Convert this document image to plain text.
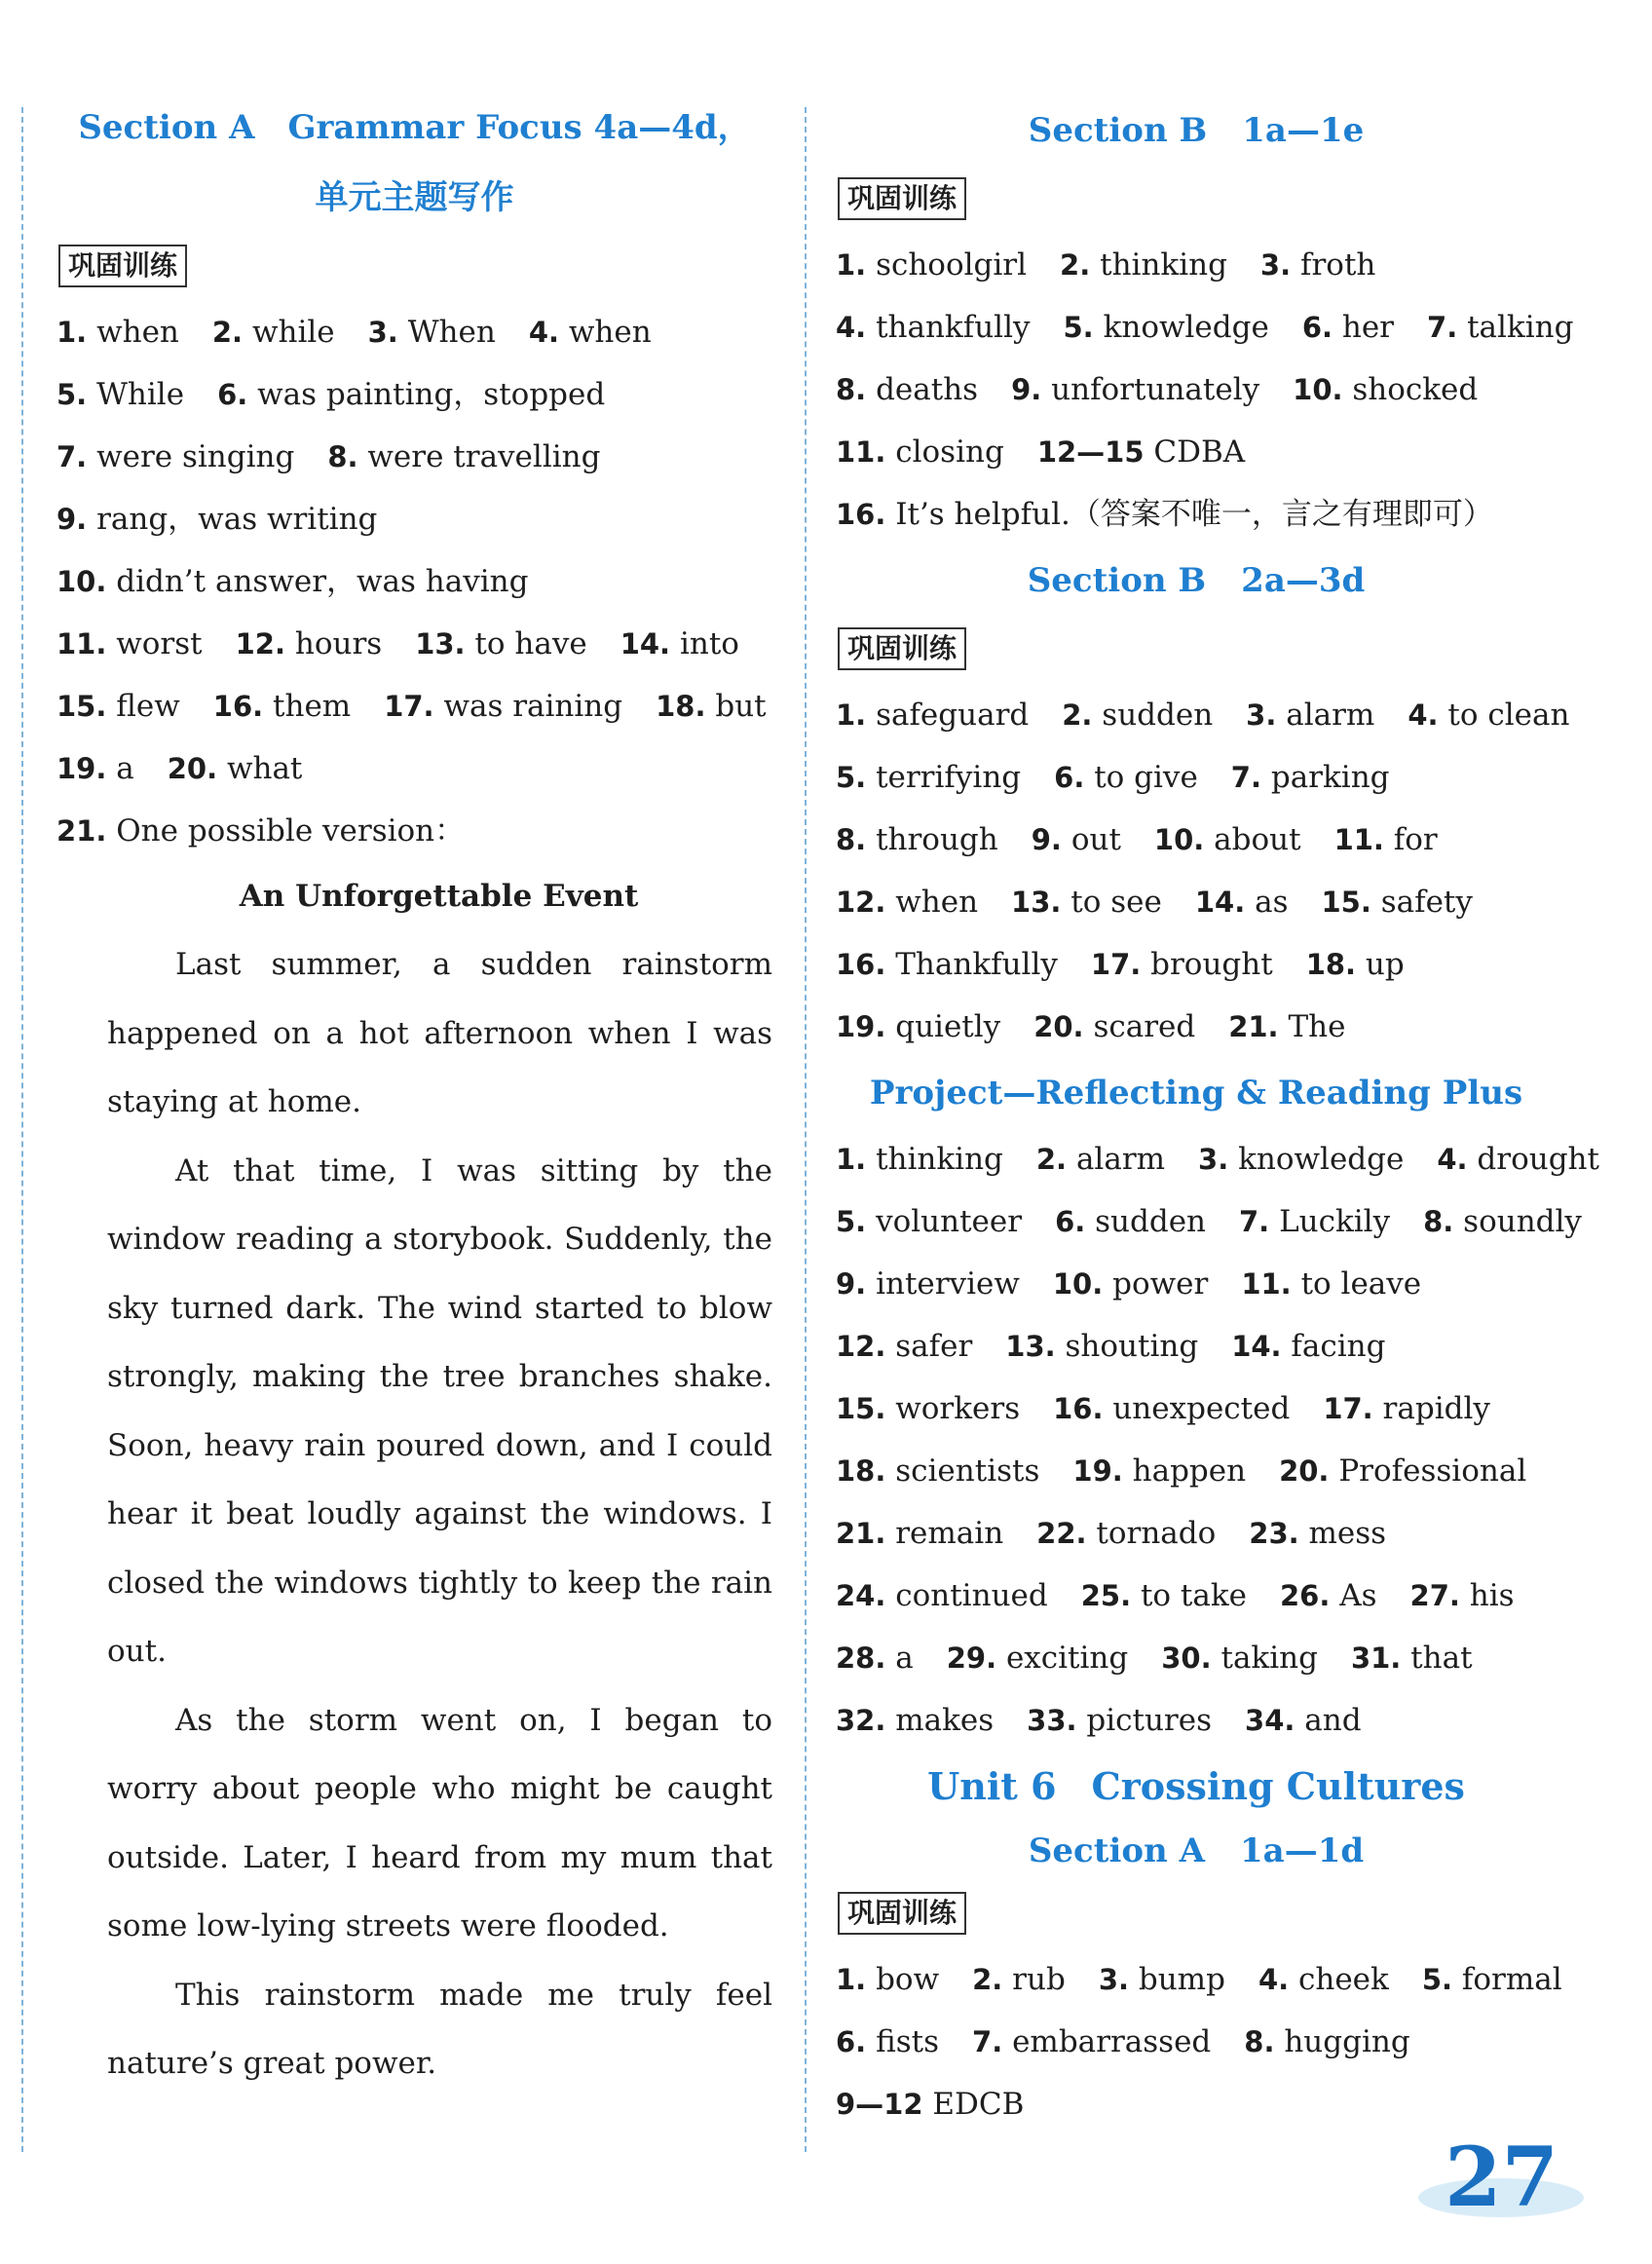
Section A　Grammar Focus 4a—4d，
单元主题写作
巩固训练
1. when 2. while 3. When 4. when
5. While 6. was painting，stopped
7. were singing 8. were travelling
9. rang，was writing
10. didn’t answer，was having
11. worst 12. hours 13. to have 14. into
15. flew 16. them 17. was raining 18. but
19. a 20. what
21. One possible version：
An Unforgettable Event

Last summer, a sudden rainstorm happened on a hot afternoon when I was staying at home.

At that time, I was sitting by the window reading a storybook. Suddenly, the sky turned dark. The wind started to blow strongly, making the tree branches shake. Soon, heavy rain poured down, and I could hear it beat loudly against the windows. I closed the windows tightly to keep the rain out.

As the storm went on, I began to worry about people who might be caught outside. Later, I heard from my mum that some low-lying streets were flooded.

This rainstorm made me truly feel nature’s great power.

Section B 1a—1e
巩固训练
1. schoolgirl 2. thinking 3. froth
4. thankfully 5. knowledge 6. her 7. talking
8. deaths 9. unfortunately 10. shocked
11. closing 12—15 CDBA
16. It’s helpful.（答案不唯一，言之有理即可）
Section B 2a—3d
巩固训练
1. safeguard 2. sudden 3. alarm 4. to clean
5. terrifying 6. to give 7. parking
8. through 9. out 10. about 11. for
12. when 13. to see 14. as 15. safety
16. Thankfully 17. brought 18. up
19. quietly 20. scared 21. The
Project—Reflecting & Reading Plus
1. thinking 2. alarm 3. knowledge 4. drought
5. volunteer 6. sudden 7. Luckily 8. soundly
9. interview 10. power 11. to leave
12. safer 13. shouting 14. facing
15. workers 16. unexpected 17. rapidly
18. scientists 19. happen 20. Professional
21. remain 22. tornado 23. mess
24. continued 25. to take 26. As 27. his
28. a 29. exciting 30. taking 31. that
32. makes 33. pictures 34. and
Unit 6 Crossing Cultures
Section A 1a—1d
巩固训练
1. bow 2. rub 3. bump 4. cheek 5. formal
6. fists 7. embarrassed 8. hugging
9—12 EDCB
27
